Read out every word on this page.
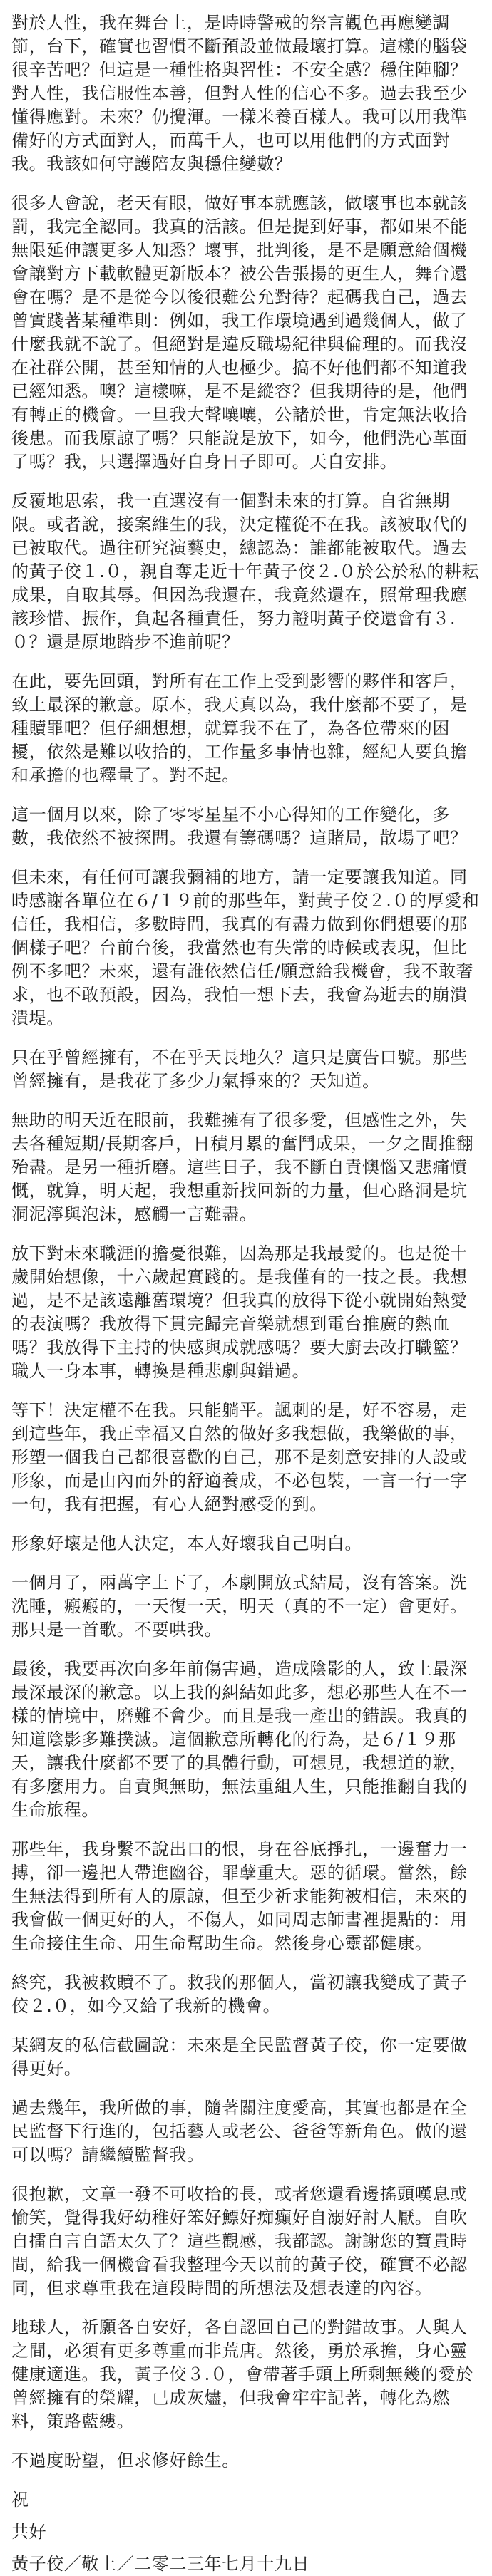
對於人性，我在舞台上，是時時警戒的祭言觀色再應變調節，台下，確實也習慣不斷預設並做最壞打算。這樣的腦袋很辛苦吧？但這是一種性格與習性：不安全感？穩住陣腳？對人性，我信服性本善，但對人性的信心不多。過去我至少懂得應對。未來？仍攪渾。一樣米養百樣人。我可以用我準備好的方式面對人，而萬千人，也可以用他們的方式面對我。我該如何守護陪友與穩住變數？

很多人會說，老天有眼，做好事本就應該，做壞事也本就該罰，我完全認同。我真的活該。但是提到好事，都如果不能無限延伸讓更多人知悉？壞事，批判後，是不是願意給個機會讓對方下載軟體更新版本？被公告張揚的更生人，舞台還會在嗎？是不是從今以後很難公允對待？起碼我自己，過去曾實踐著某種準則：例如，我工作環境遇到過幾個人，做了什麼我就不說了。但絕對是違反職場紀律與倫理的。而我沒在社群公開，甚至知情的人也極少。搞不好他們都不知道我已經知悉。噢？這樣嘛，是不是縱容？但我期待的是，他們有轉正的機會。一旦我大聲嚷嚷，公諸於世，肯定無法收拾後患。而我原諒了嗎？只能說是放下，如今，他們洗心革面了嗎？我，只選擇過好自身日子即可。天自安排。

反覆地思索，我一直選沒有一個對未來的打算。自省無期限。或者說，接案維生的我，決定權從不在我。該被取代的已被取代。過往研究演藝史，總認為：誰都能被取代。過去的黃子佼１.０，親自奪走近十年黃子佼２.０於公於私的耕耘成果，自取其辱。但因為我還在，我竟然還在，照常理我應該珍惜、振作，負起各種責任，努力證明黃子佼還會有３.０？還是原地踏步不進前呢？

在此，要先回頭，對所有在工作上受到影響的夥伴和客戶，致上最深的歉意。原本，我天真以為，我什麼都不要了，是種贖罪吧？但仔細想想，就算我不在了，為各位帶來的困擾，依然是難以收拾的，工作量多事情也雜，經紀人要負擔和承擔的也釋量了。對不起。

這一個月以來，除了零零星星不小心得知的工作變化，多數，我依然不被探問。我還有籌碼嗎？這賭局，散場了吧？

但未來，有任何可讓我彌補的地方，請一定要讓我知道。同時感謝各單位在６/１９前的那些年，對黃子佼２.０的厚愛和信任，我相信，多數時間，我真的有盡力做到你們想要的那個樣子吧？台前台後，我當然也有失常的時候或表現，但比例不多吧？未來，還有誰依然信任/願意給我機會，我不敢奢求，也不敢預設，因為，我怕一想下去，我會為逝去的崩潰潰堤。

只在乎曾經擁有，不在乎天長地久？這只是廣告口號。那些曾經擁有，是我花了多少力氣掙來的？天知道。

無助的明天近在眼前，我難擁有了很多愛，但感性之外，失去各種短期/長期客戶，日積月累的奮鬥成果，一夕之間推翻殆盡。是另一種折磨。這些日子，我不斷自責懊惱又悲痛憤慨，就算，明天起，我想重新找回新的力量，但心路洞是坑洞泥濘與泡沫，感觸一言難盡。

放下對未來職涯的擔憂很難，因為那是我最愛的。也是從十歲開始想像，十六歲起實踐的。是我僅有的一技之長。我想過，是不是該遠離舊環境？但我真的放得下從小就開始熱愛的表演嗎？我放得下貫完歸完音樂就想到電台推廣的熱血嗎？我放得下主持的快感與成就感嗎？要大廚去改打職籃？職人一身本事，轉換是種悲劇與錯過。

等下！決定權不在我。只能躺平。諷刺的是，好不容易，走到這些年，我正幸福又自然的做好多我想做，我樂做的事，形塑一個我自己都很喜歡的自己，那不是刻意安排的人設或形象，而是由內而外的舒適養成，不必包裝，一言一行一字一句，我有把握，有心人絕對感受的到。

形象好壞是他人決定，本人好壞我自己明白。

一個月了，兩萬字上下了，本劇開放式結局，沒有答案。洗洗睡，瘢瘢的，一天復一天，明天（真的不一定）會更好。那只是一首歌。不要哄我。

最後，我要再次向多年前傷害過，造成陰影的人，致上最深最深最深的歉意。以上我的糾結如此多，想必那些人在不一樣的情境中，磨難不會少。而且是我一產出的錯誤。我真的知道陰影多難撲滅。這個歉意所轉化的行為，是６/１９那天，讓我什麼都不要了的具體行動，可想見，我想道的歉，有多麼用力。自責與無助，無法重組人生，只能推翻自我的生命旅程。

那些年，我身繫不說出口的恨，身在谷底掙扎，一邊奮力一搏，卻一邊把人帶進幽谷，罪孽重大。惡的循環。當然，餘生無法得到所有人的原諒，但至少祈求能夠被相信，未來的我會做一個更好的人，不傷人，如同周志師書裡提點的：用生命接住生命、用生命幫助生命。然後身心靈都健康。

終究，我被救贖不了。救我的那個人，當初讓我變成了黃子佼２.０，如今又給了我新的機會。

某網友的私信截圖說：未來是全民監督黃子佼，你一定要做得更好。

過去幾年，我所做的事，隨著關注度愛高，其實也都是在全民監督下行進的，包括藝人或老公、爸爸等新角色。做的還可以嗎？請繼續監督我。

很抱歉，文章一發不可收拾的長，或者您還看邊搖頭嘆息或愉笑，覺得我好幼稚好笨好鰾好痴癲好自溺好討人厭。自吹自擂自言自語太久了？這些觀感，我都認。謝謝您的寶貴時間，給我一個機會看我整理今天以前的黃子佼，確實不必認同，但求尊重我在這段時間的所想法及想表達的內容。

地球人，祈願各自安好，各自認回自己的對錯故事。人與人之間，必須有更多尊重而非荒唐。然後，勇於承擔，身心靈健康適進。我，黃子佼３.０，會帶著手頭上所剩無幾的愛於曾經擁有的榮耀，已成灰燼，但我會牢牢記著，轉化為燃料，策路藍縷。

不過度盼望，但求修好餘生。

祝

共好

黃子佼／敬上／二零二三年七月十九日
